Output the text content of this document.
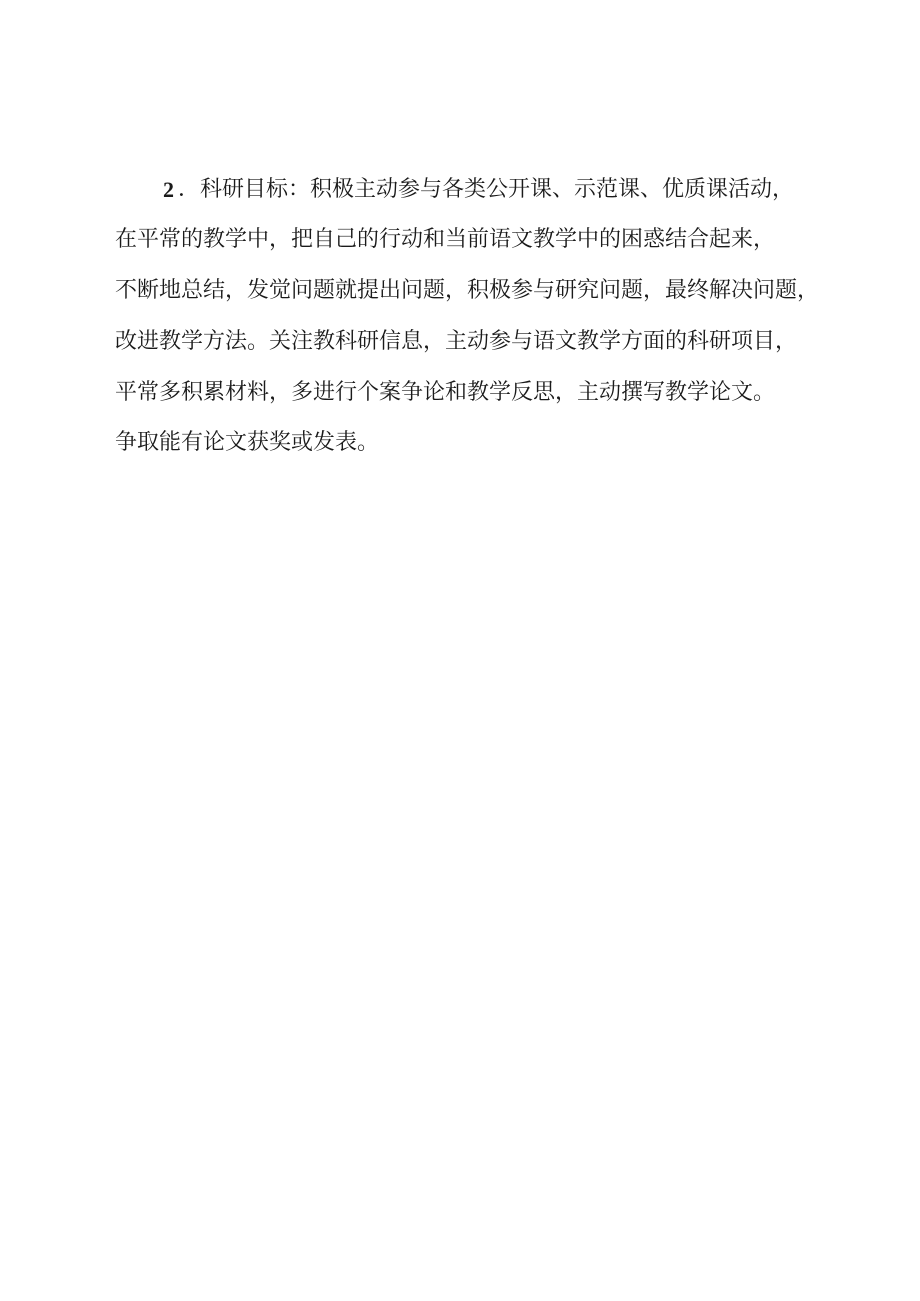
2 ．科研目标：积极主动参与各类公开课、示范课、优质课活动，
在平常的教学中，把自己的行动和当前语文教学中的困惑结合起来，
不断地总结，发觉问题就提出问题，积极参与研究问题，最终解决问题，
改进教学方法。关注教科研信息，主动参与语文教学方面的科研项目，
平常多积累材料，多进行个案争论和教学反思，主动撰写教学论文。
争取能有论文获奖或发表。
